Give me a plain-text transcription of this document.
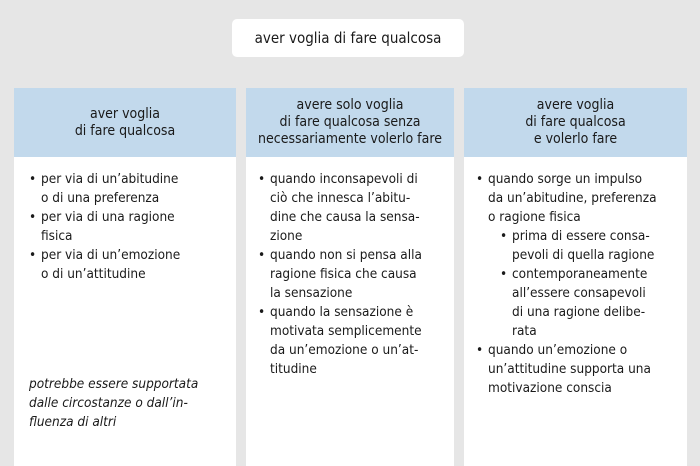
aver voglia di fare qualcosa
aver voglia
di fare qualcosa
• per via di un’abitudine
o di una preferenza
• per via di una ragione
fisica
• per via di un’emozione
o di un’attitudine
potrebbe essere supportata
dalle circostanze o dall’in-
fluenza di altri
avere solo voglia
di fare qualcosa senza
necessariamente volerlo fare
• quando inconsapevoli di
ciò che innesca l’abitu-
dine che causa la sensa-
zione
• quando non si pensa alla
ragione fisica che causa
la sensazione
• quando la sensazione è
motivata semplicemente
da un’emozione o un’at-
titudine
avere voglia
di fare qualcosa
e volerlo fare
• quando sorge un impulso
da un’abitudine, preferenza
o ragione fisica
• prima di essere consa-
pevoli di quella ragione
• contemporaneamente
all’essere consapevoli
di una ragione delibe-
rata
• quando un’emozione o
un’attitudine supporta una
motivazione conscia
